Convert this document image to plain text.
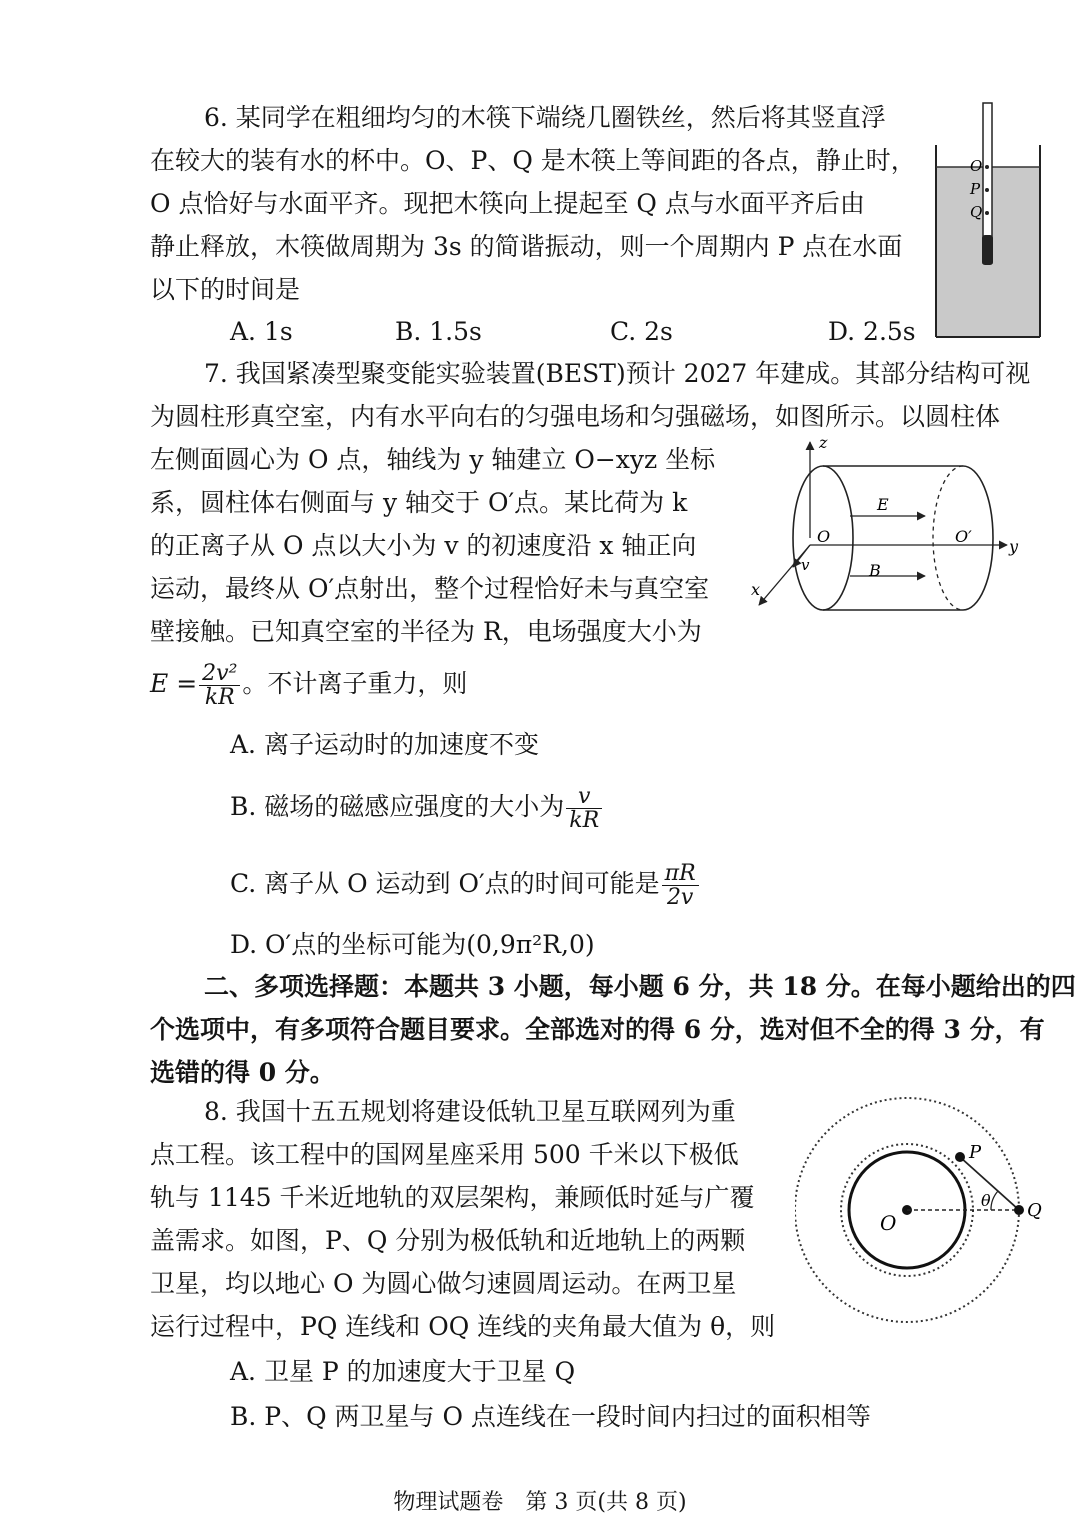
6. 某同学在粗细均匀的木筷下端绕几圈铁丝，然后将其竖直浮
在较大的装有水的杯中。O、P、Q 是木筷上等间距的各点，静止时，
O 点恰好与水面平齐。现把木筷向上提起至 Q 点与水面平齐后由
静止释放，木筷做周期为 3s 的简谐振动，则一个周期内 P 点在水面
以下的时间是
A. 1s	B. 1.5s	C. 2s	D. 2.5s
O
P
Q
7. 我国紧凑型聚变能实验装置(BEST)预计 2027 年建成。其部分结构可视
为圆柱形真空室，内有水平向右的匀强电场和匀强磁场，如图所示。以圆柱体
左侧面圆心为 O 点，轴线为 y 轴建立 O−xyz 坐标
系，圆柱体右侧面与 y 轴交于 O′点。某比荷为 k
的正离子从 O 点以大小为 v 的初速度沿 x 轴正向
运动，最终从 O′点射出，整个过程恰好未与真空室
壁接触。已知真空室的半径为 R，电场强度大小为
$E = \frac{\text{2v²}}{kR}$ 。不计离子重力，则
A. 离子运动时的加速度不变
B. 磁场的磁感应强度的大小为 $\frac{v}{kR}$
C. 离子从 O 运动到 O′点的时间可能是 $\frac{\pi R}{2v}$
D. O′点的坐标可能为(0,9π²R,0)
z
E
O	O′
y
v	B
x
二、多项选择题：本题共 3 小题，每小题 6 分，共 18 分。在每小题给出的四
个选项中，有多项符合题目要求。全部选对的得 6 分，选对但不全的得 3 分，有
选错的得 0 分。
8. 我国十五五规划将建设低轨卫星互联网列为重
点工程。该工程中的国网星座采用 500 千米以下极低
轨与 1145 千米近地轨的双层架构，兼顾低时延与广覆
盖需求。如图，P、Q 分别为极低轨和近地轨上的两颗
卫星，均以地心 O 为圆心做匀速圆周运动。在两卫星
运行过程中，PQ 连线和 OQ 连线的夹角最大值为 θ，则
A. 卫星 P 的加速度大于卫星 Q
B. P、Q 两卫星与 O 点连线在一段时间内扫过的面积相等
P
O
θ Q
物理试题卷　第 3 页(共 8 页)
